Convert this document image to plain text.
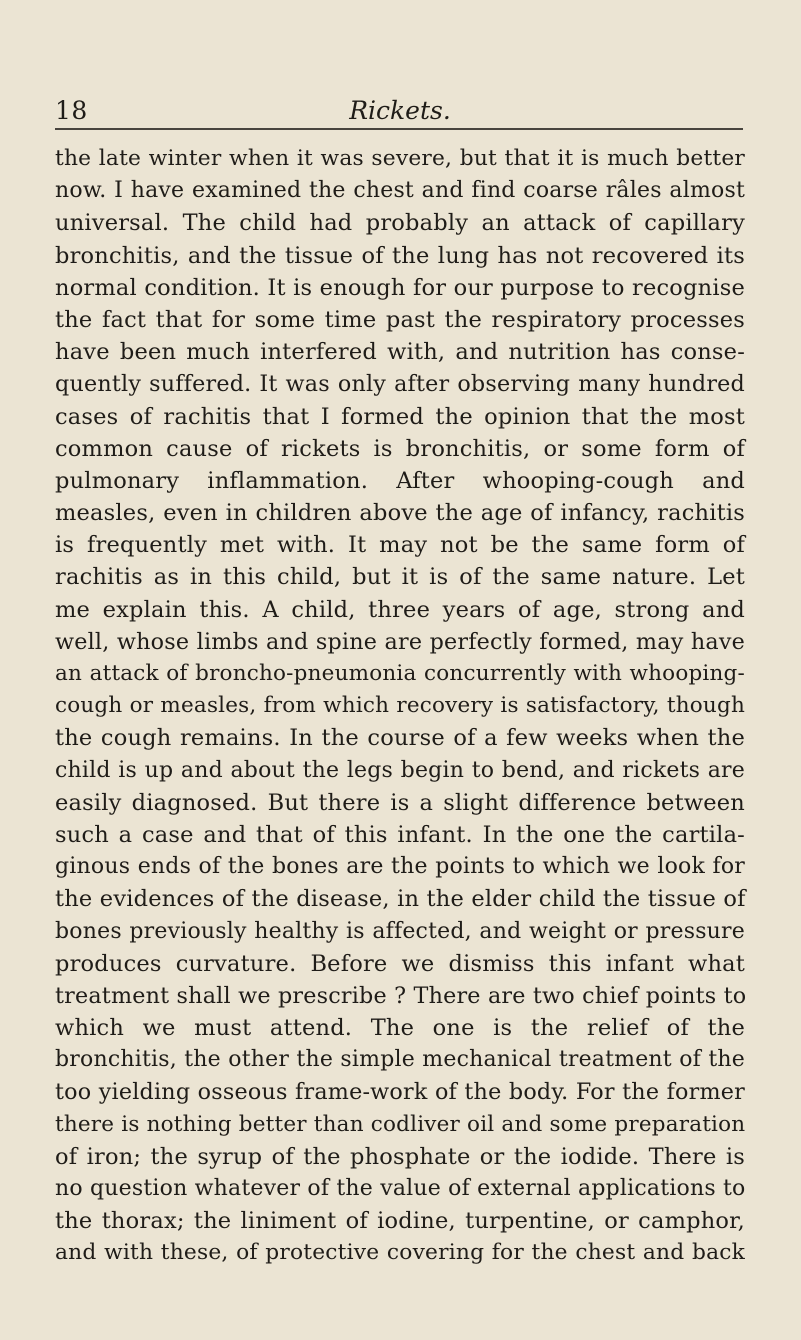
18	Rickets.
the late winter when it was severe, but that it is much better
now. I have examined the chest and find coarse râles almost
universal. The child had probably an attack of capillary
bronchitis, and the tissue of the lung has not recovered its
normal condition. It is enough for our purpose to recognise
the fact that for some time past the respiratory processes
have been much interfered with, and nutrition has conse-
quently suffered. It was only after observing many hundred
cases of rachitis that I formed the opinion that the most
common cause of rickets is bronchitis, or some form of
pulmonary inflammation. After whooping-cough and
measles, even in children above the age of infancy, rachitis
is frequently met with. It may not be the same form of
rachitis as in this child, but it is of the same nature. Let
me explain this. A child, three years of age, strong and
well, whose limbs and spine are perfectly formed, may have
an attack of broncho-pneumonia concurrently with whooping-
cough or measles, from which recovery is satisfactory, though
the cough remains. In the course of a few weeks when the
child is up and about the legs begin to bend, and rickets are
easily diagnosed. But there is a slight difference between
such a case and that of this infant. In the one the cartila-
ginous ends of the bones are the points to which we look for
the evidences of the disease, in the elder child the tissue of
bones previously healthy is affected, and weight or pressure
produces curvature. Before we dismiss this infant what
treatment shall we prescribe ? There are two chief points to
which we must attend. The one is the relief of the
bronchitis, the other the simple mechanical treatment of the
too yielding osseous frame-work of the body. For the former
there is nothing better than codliver oil and some preparation
of iron; the syrup of the phosphate or the iodide. There is
no question whatever of the value of external applications to
the thorax; the liniment of iodine, turpentine, or camphor,
and with these, of protective covering for the chest and back
